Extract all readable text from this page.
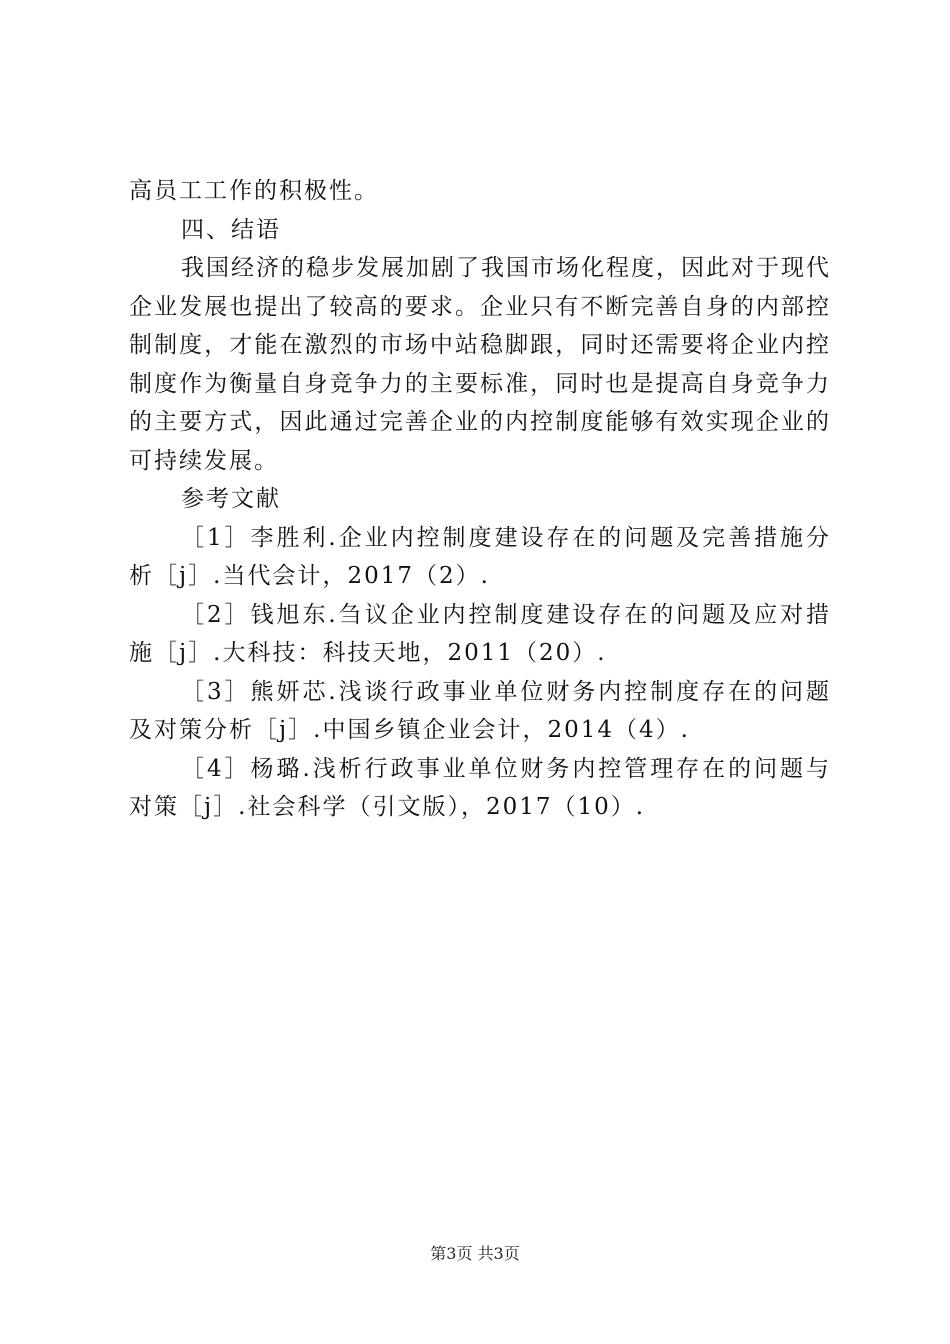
高员工工作的积极性。

四、结语

我国经济的稳步发展加剧了我国市场化程度，因此对于现代企业发展也提出了较高的要求。企业只有不断完善自身的内部控制制度，才能在激烈的市场中站稳脚跟，同时还需要将企业内控制度作为衡量自身竞争力的主要标准，同时也是提高自身竞争力的主要方式，因此通过完善企业的内控制度能够有效实现企业的可持续发展。

参考文献

［1］李胜利.企业内控制度建设存在的问题及完善措施分析［j］.当代会计，2017（2）.

［2］钱旭东.刍议企业内控制度建设存在的问题及应对措施［j］.大科技：科技天地，2011（20）.

［3］熊妍芯.浅谈行政事业单位财务内控制度存在的问题及对策分析［j］.中国乡镇企业会计，2014（4）.

［4］杨璐.浅析行政事业单位财务内控管理存在的问题与对策［j］.社会科学（引文版），2017（10）.

第3页 共3页
